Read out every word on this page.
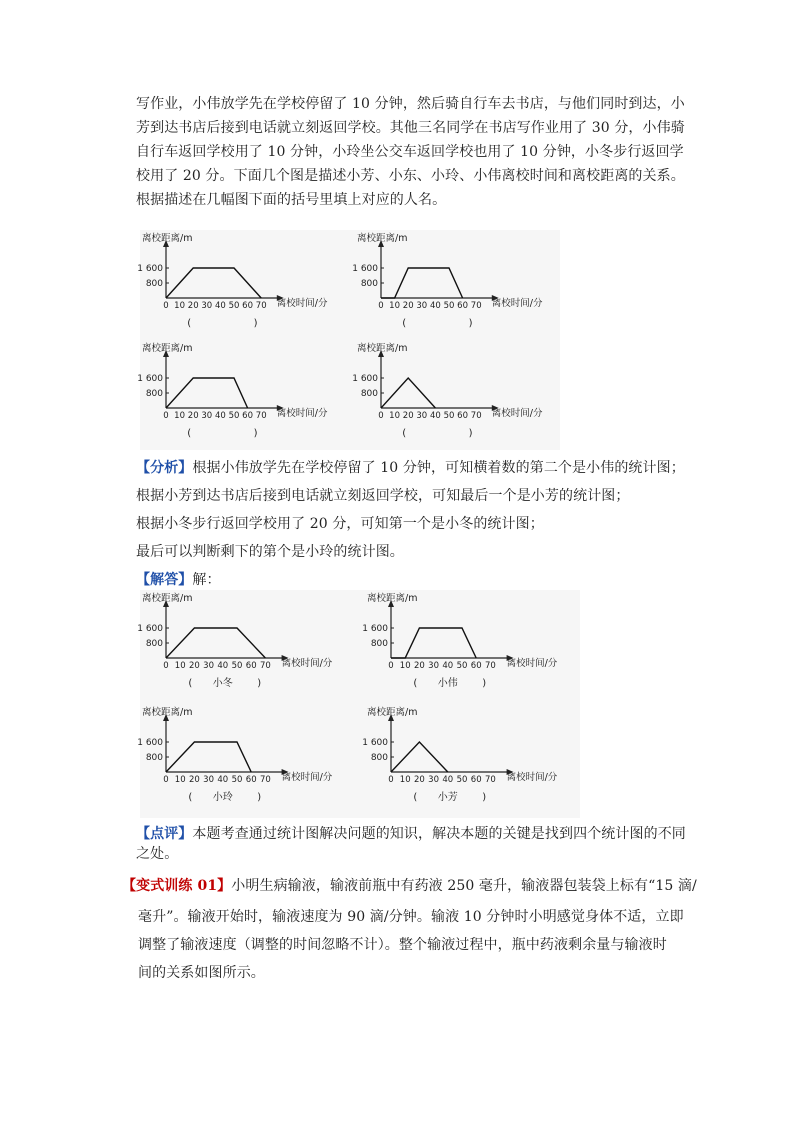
写作业，小伟放学先在学校停留了 10 分钟，然后骑自行车去书店，与他们同时到达，小
芳到达书店后接到电话就立刻返回学校。其他三名同学在书店写作业用了 30 分，小伟骑
自行车返回学校用了 10 分钟，小玲坐公交车返回学校也用了 10 分钟，小冬步行返回学
校用了 20 分。下面几个图是描述小芳、小东、小玲、小伟离校时间和离校距离的关系。
根据描述在几幅图下面的括号里填上对应的人名。
离校距离/m
离校时间/分
800
1 600
0 10 20 30 40 50 60 70
(	)
离校距离/m
离校时间/分
800
1 600
0 10 20 30 40 50 60 70
(	)
离校距离/m
离校时间/分
800
1 600
0 10 20 30 40 50 60 70
(	)
离校距离/m
离校时间/分
800
1 600
0 10 20 30 40 50 60 70
(	)
【分析】根据小伟放学先在学校停留了 10 分钟，可知横着数的第二个是小伟的统计图；
根据小芳到达书店后接到电话就立刻返回学校，可知最后一个是小芳的统计图；
根据小冬步行返回学校用了 20 分，可知第一个是小冬的统计图；
最后可以判断剩下的第个是小玲的统计图。
【解答】解：
离校距离/m
离校时间/分
800
1 600
0 10 20 30 40 50 60 70
(	)
小冬
离校距离/m
离校时间/分
800
1 600
0 10 20 30 40 50 60 70
(	)
小伟
离校距离/m
离校时间/分
800
1 600
0 10 20 30 40 50 60 70
(	)
小玲
离校距离/m
离校时间/分
800
1 600
0 10 20 30 40 50 60 70
(	)
小芳
【点评】本题考查通过统计图解决问题的知识，解决本题的关键是找到四个统计图的不同
之处。
【变式训练 01】小明生病输液，输液前瓶中有药液 250 毫升，输液器包装袋上标有“15 滴/
毫升”。输液开始时，输液速度为 90 滴/分钟。输液 10 分钟时小明感觉身体不适，立即
调整了输液速度（调整的时间忽略不计）。整个输液过程中，瓶中药液剩余量与输液时
间的关系如图所示。
